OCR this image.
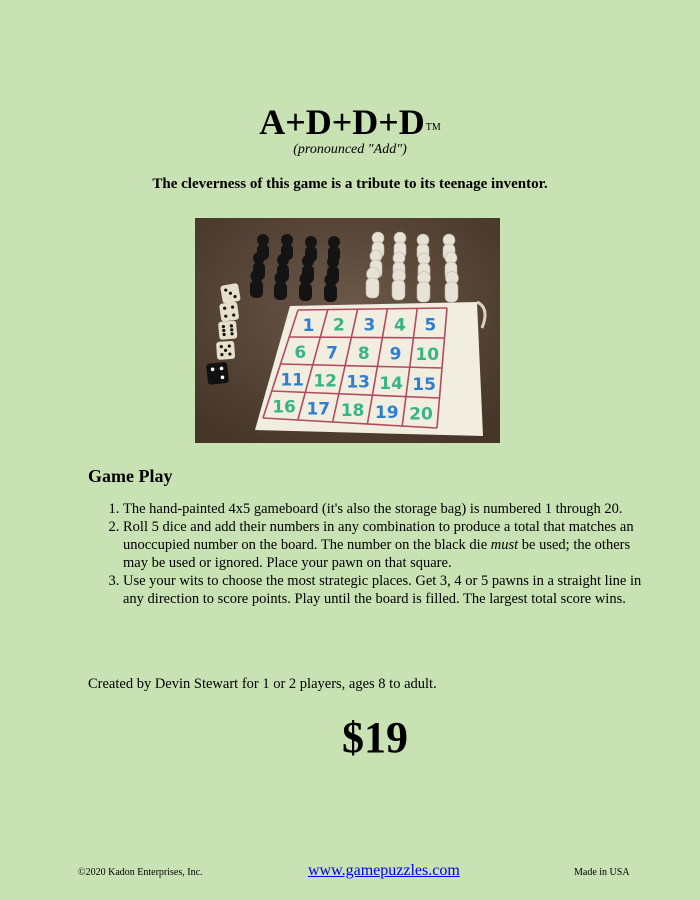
A+D+D+DTM
(pronounced "Add")
The cleverness of this game is a tribute to its teenage inventor.
1 2 3 4 5
6 7 8 9 10
11 12 13 14 15
16 17 18 19 20
Game Play
1. The hand-painted 4x5 gameboard (it's also the storage bag) is numbered 1 through 20.
2. Roll 5 dice and add their numbers in any combination to produce a total that matches an unoccupied number on the board. The number on the black die must be used; the others may be used or ignored. Place your pawn on that square.
3. Use your wits to choose the most strategic places. Get 3, 4 or 5 pawns in a straight line in any direction to score points. Play until the board is filled. The largest total score wins.
Created by Devin Stewart for 1 or 2 players, ages 8 to adult.
$19
©2020 Kadon Enterprises, Inc.	www.gamepuzzles.com	Made in USA
